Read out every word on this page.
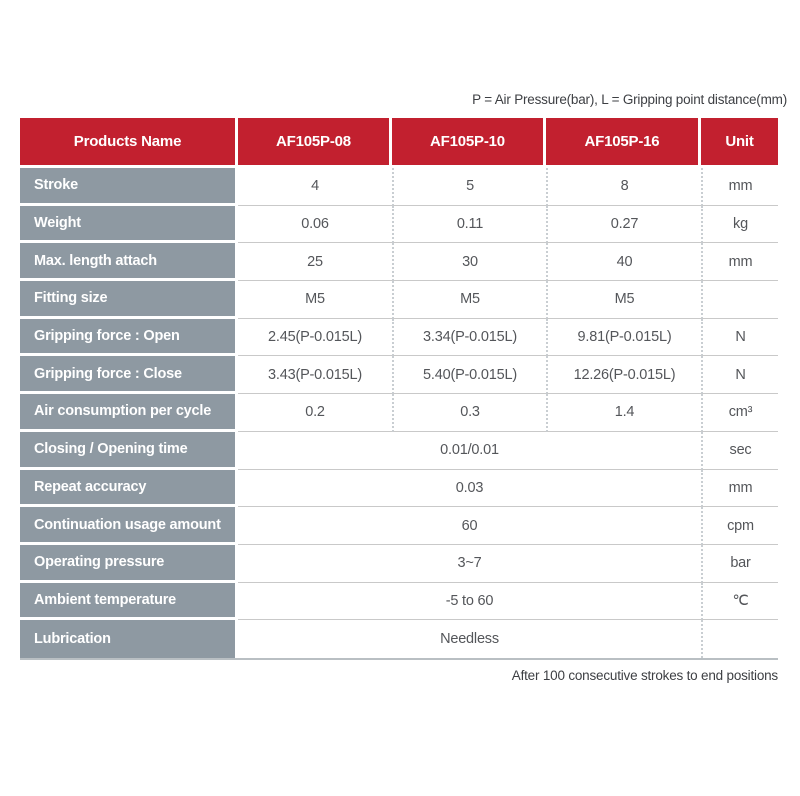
P = Air Pressure(bar), L = Gripping point distance(mm)
Products Name	AF105P-08	AF105P-10	AF105P-16	Unit
Stroke	4	5	8	mm
Weight	0.06	0.11	0.27	kg
Max. length attach	25	30	40	mm
Fitting size	M5	M5	M5
Gripping force : Open	2.45(P-0.015L)	3.34(P-0.015L)	9.81(P-0.015L)	N
Gripping force : Close	3.43(P-0.015L)	5.40(P-0.015L)	12.26(P-0.015L)	N
Air consumption per cycle	0.2	0.3	1.4	cm³
Closing / Opening time	0.01/0.01	sec
Repeat accuracy	0.03	mm
Continuation usage amount	60	cpm
Operating pressure	3~7	bar
Ambient temperature	-5 to 60	℃
Lubrication	Needless
After 100 consecutive strokes to end positions
